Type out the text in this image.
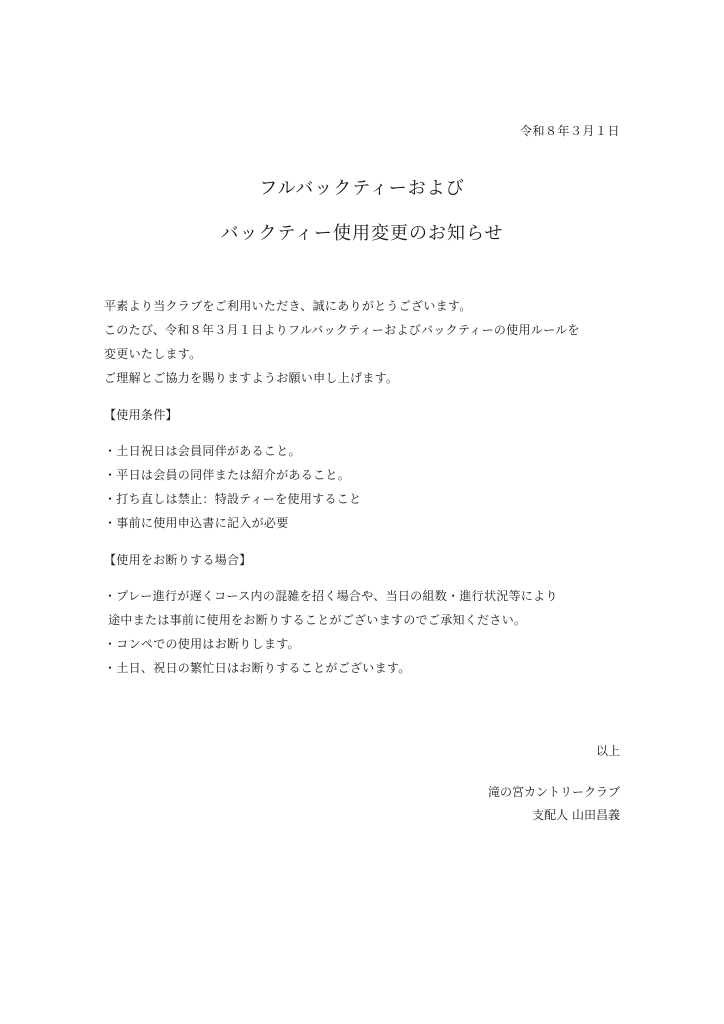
令和８年３月１日
フルバックティーおよび
バックティー使用変更のお知らせ
平素より当クラブをご利用いただき、誠にありがとうございます。
このたび、令和８年３月１日よりフルバックティーおよびバックティーの使用ルールを
変更いたします。
ご理解とご協力を賜りますようお願い申し上げます。
【使用条件】
・土日祝日は会員同伴があること。
・平日は会員の同伴または紹介があること。
・打ち直しは禁止：特設ティーを使用すること
・事前に使用申込書に記入が必要
【使用をお断りする場合】
・プレー進行が遅くコース内の混雑を招く場合や、当日の組数・進行状況等により
途中または事前に使用をお断りすることがございますのでご承知ください。
・コンペでの使用はお断りします。
・土日、祝日の繁忙日はお断りすることがございます。
以上
滝の宮カントリークラブ
支配人 山田昌義
